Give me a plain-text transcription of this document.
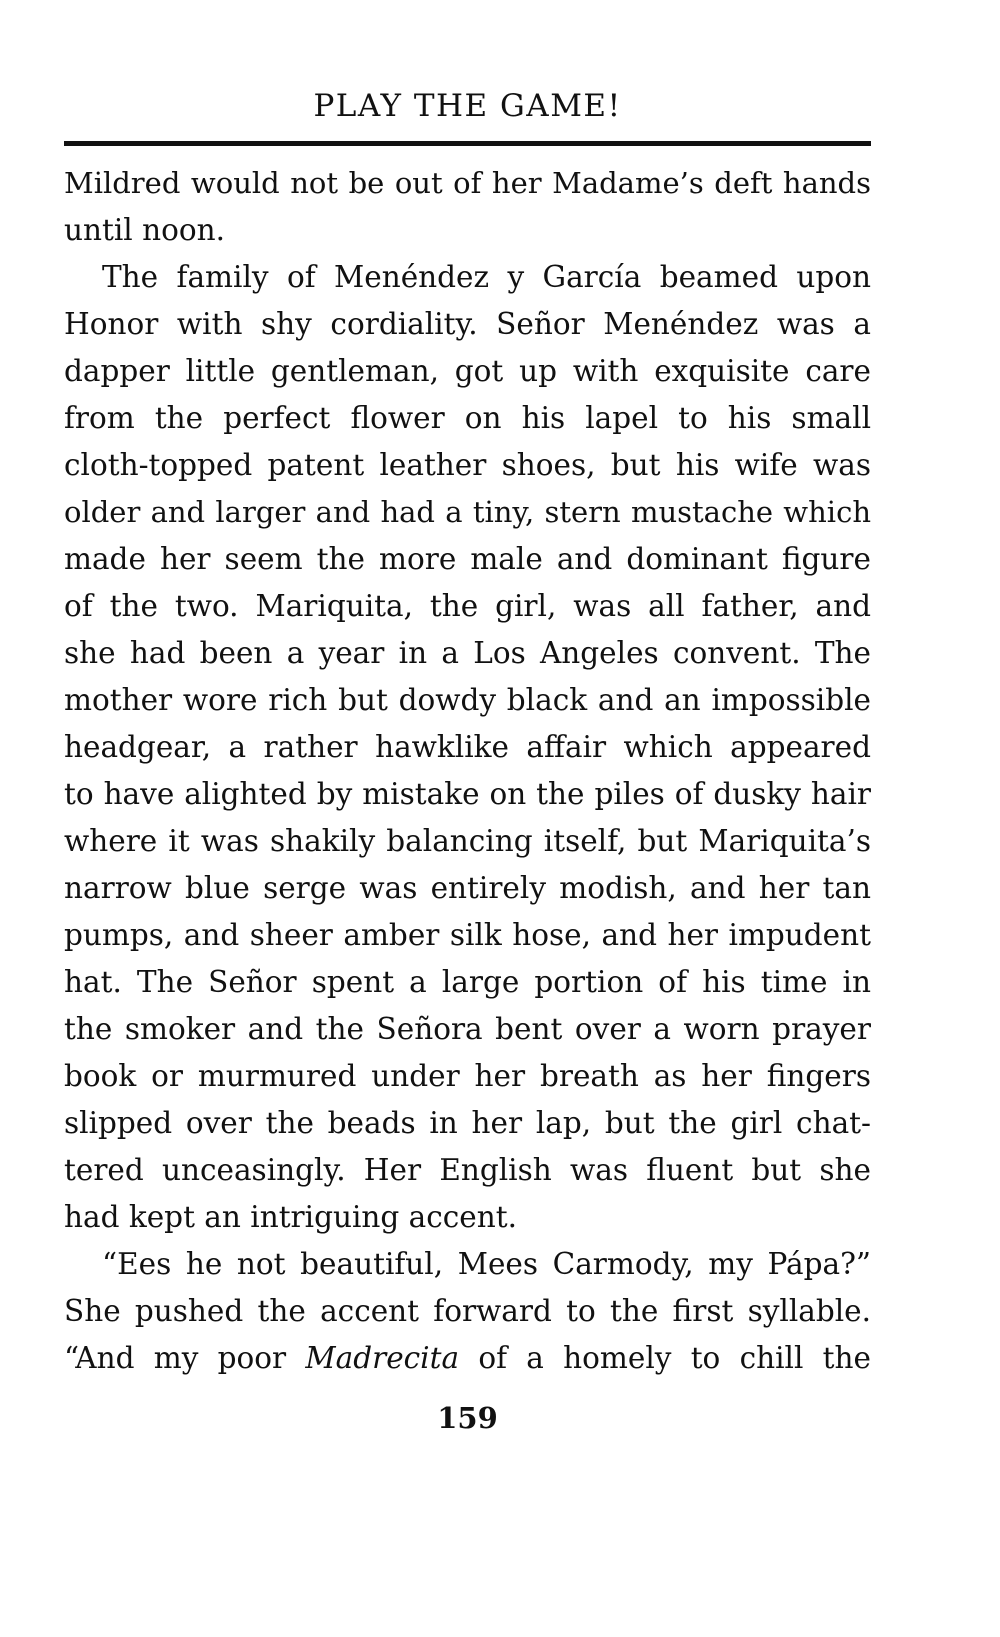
PLAY THE GAME!
Mildred would not be out of her Madame’s deft hands
until noon.
The family of Menéndez y García beamed upon
Honor with shy cordiality. Señor Menéndez was a
dapper little gentleman, got up with exquisite care
from the perfect flower on his lapel to his small
cloth-topped patent leather shoes, but his wife was
older and larger and had a tiny, stern mustache which
made her seem the more male and dominant figure
of the two. Mariquita, the girl, was all father, and
she had been a year in a Los Angeles convent. The
mother wore rich but dowdy black and an impossible
headgear, a rather hawklike affair which appeared
to have alighted by mistake on the piles of dusky hair
where it was shakily balancing itself, but Mariquita’s
narrow blue serge was entirely modish, and her tan
pumps, and sheer amber silk hose, and her impudent
hat. The Señor spent a large portion of his time in
the smoker and the Señora bent over a worn prayer
book or murmured under her breath as her fingers
slipped over the beads in her lap, but the girl chat-
tered unceasingly. Her English was fluent but she
had kept an intriguing accent.
“Ees he not beautiful, Mees Carmody, my Pápa?”
She pushed the accent forward to the first syllable.
“And my poor Madrecita of a homely to chill the
159
